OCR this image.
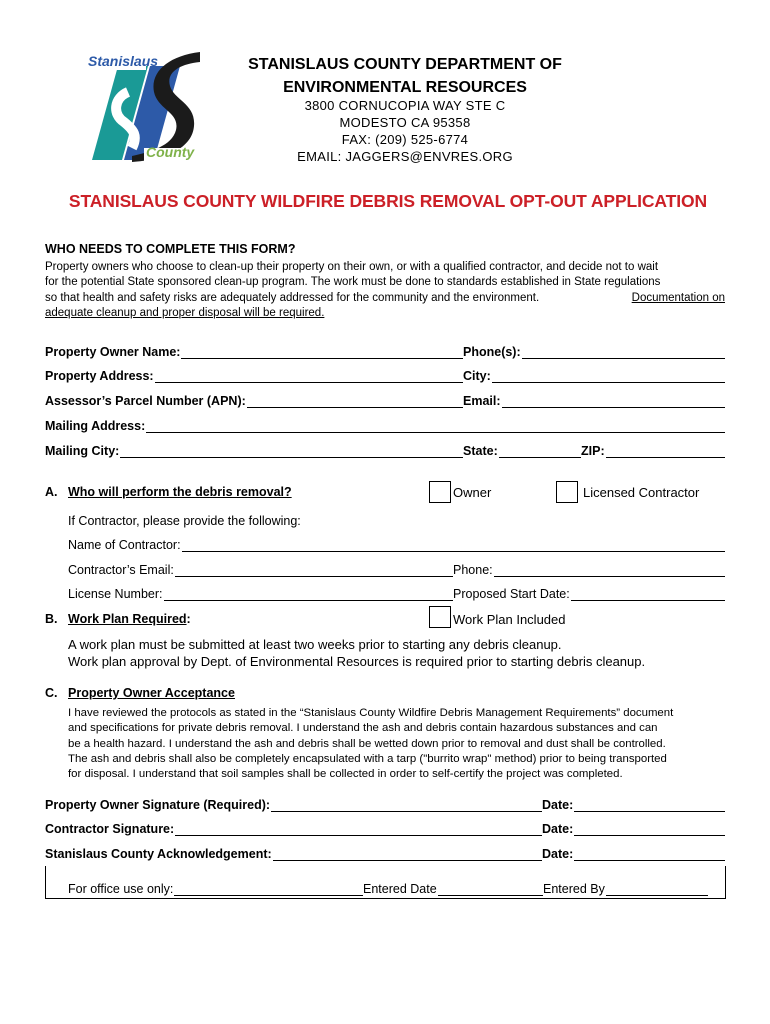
Stanislaus
County
STANISLAUS COUNTY DEPARTMENT OF
ENVIRONMENTAL RESOURCES
3800 CORNUCOPIA WAY STE C
MODESTO CA 95358
FAX: (209) 525-6774
EMAIL: JAGGERS@ENVRES.ORG
STANISLAUS COUNTY WILDFIRE DEBRIS REMOVAL OPT-OUT APPLICATION
WHO NEEDS TO COMPLETE THIS FORM?
Property owners who choose to clean-up their property on their own, or with a qualified contractor, and decide not to wait
for the potential State sponsored clean-up program. The work must be done to standards established in State regulations
so that health and safety risks are adequately addressed for the community and the environment.	Documentation on
adequate cleanup and proper disposal will be required.
Property Owner Name:	Phone(s):
Property Address:	City:
Assessor’s Parcel Number (APN):	Email:
Mailing Address:
Mailing City:	State:	ZIP:
A. Who will perform the debris removal?	Owner	Licensed Contractor
If Contractor, please provide the following:
Name of Contractor:
Contractor’s Email:	Phone:
License Number:	Proposed Start Date:
B. Work Plan Required:	Work Plan Included
A work plan must be submitted at least two weeks prior to starting any debris cleanup.
Work plan approval by Dept. of Environmental Resources is required prior to starting debris cleanup.
C. Property Owner Acceptance
I have reviewed the protocols as stated in the “Stanislaus County Wildfire Debris Management Requirements” document
and specifications for private debris removal. I understand the ash and debris contain hazardous substances and can
be a health hazard. I understand the ash and debris shall be wetted down prior to removal and dust shall be controlled.
The ash and debris shall also be completely encapsulated with a tarp ("burrito wrap" method) prior to being transported
for disposal. I understand that soil samples shall be collected in order to self-certify the project was completed.
Property Owner Signature (Required):	Date:
Contractor Signature:	Date:
Stanislaus County Acknowledgement:	Date:
For office use only:	Entered Date	Entered By
